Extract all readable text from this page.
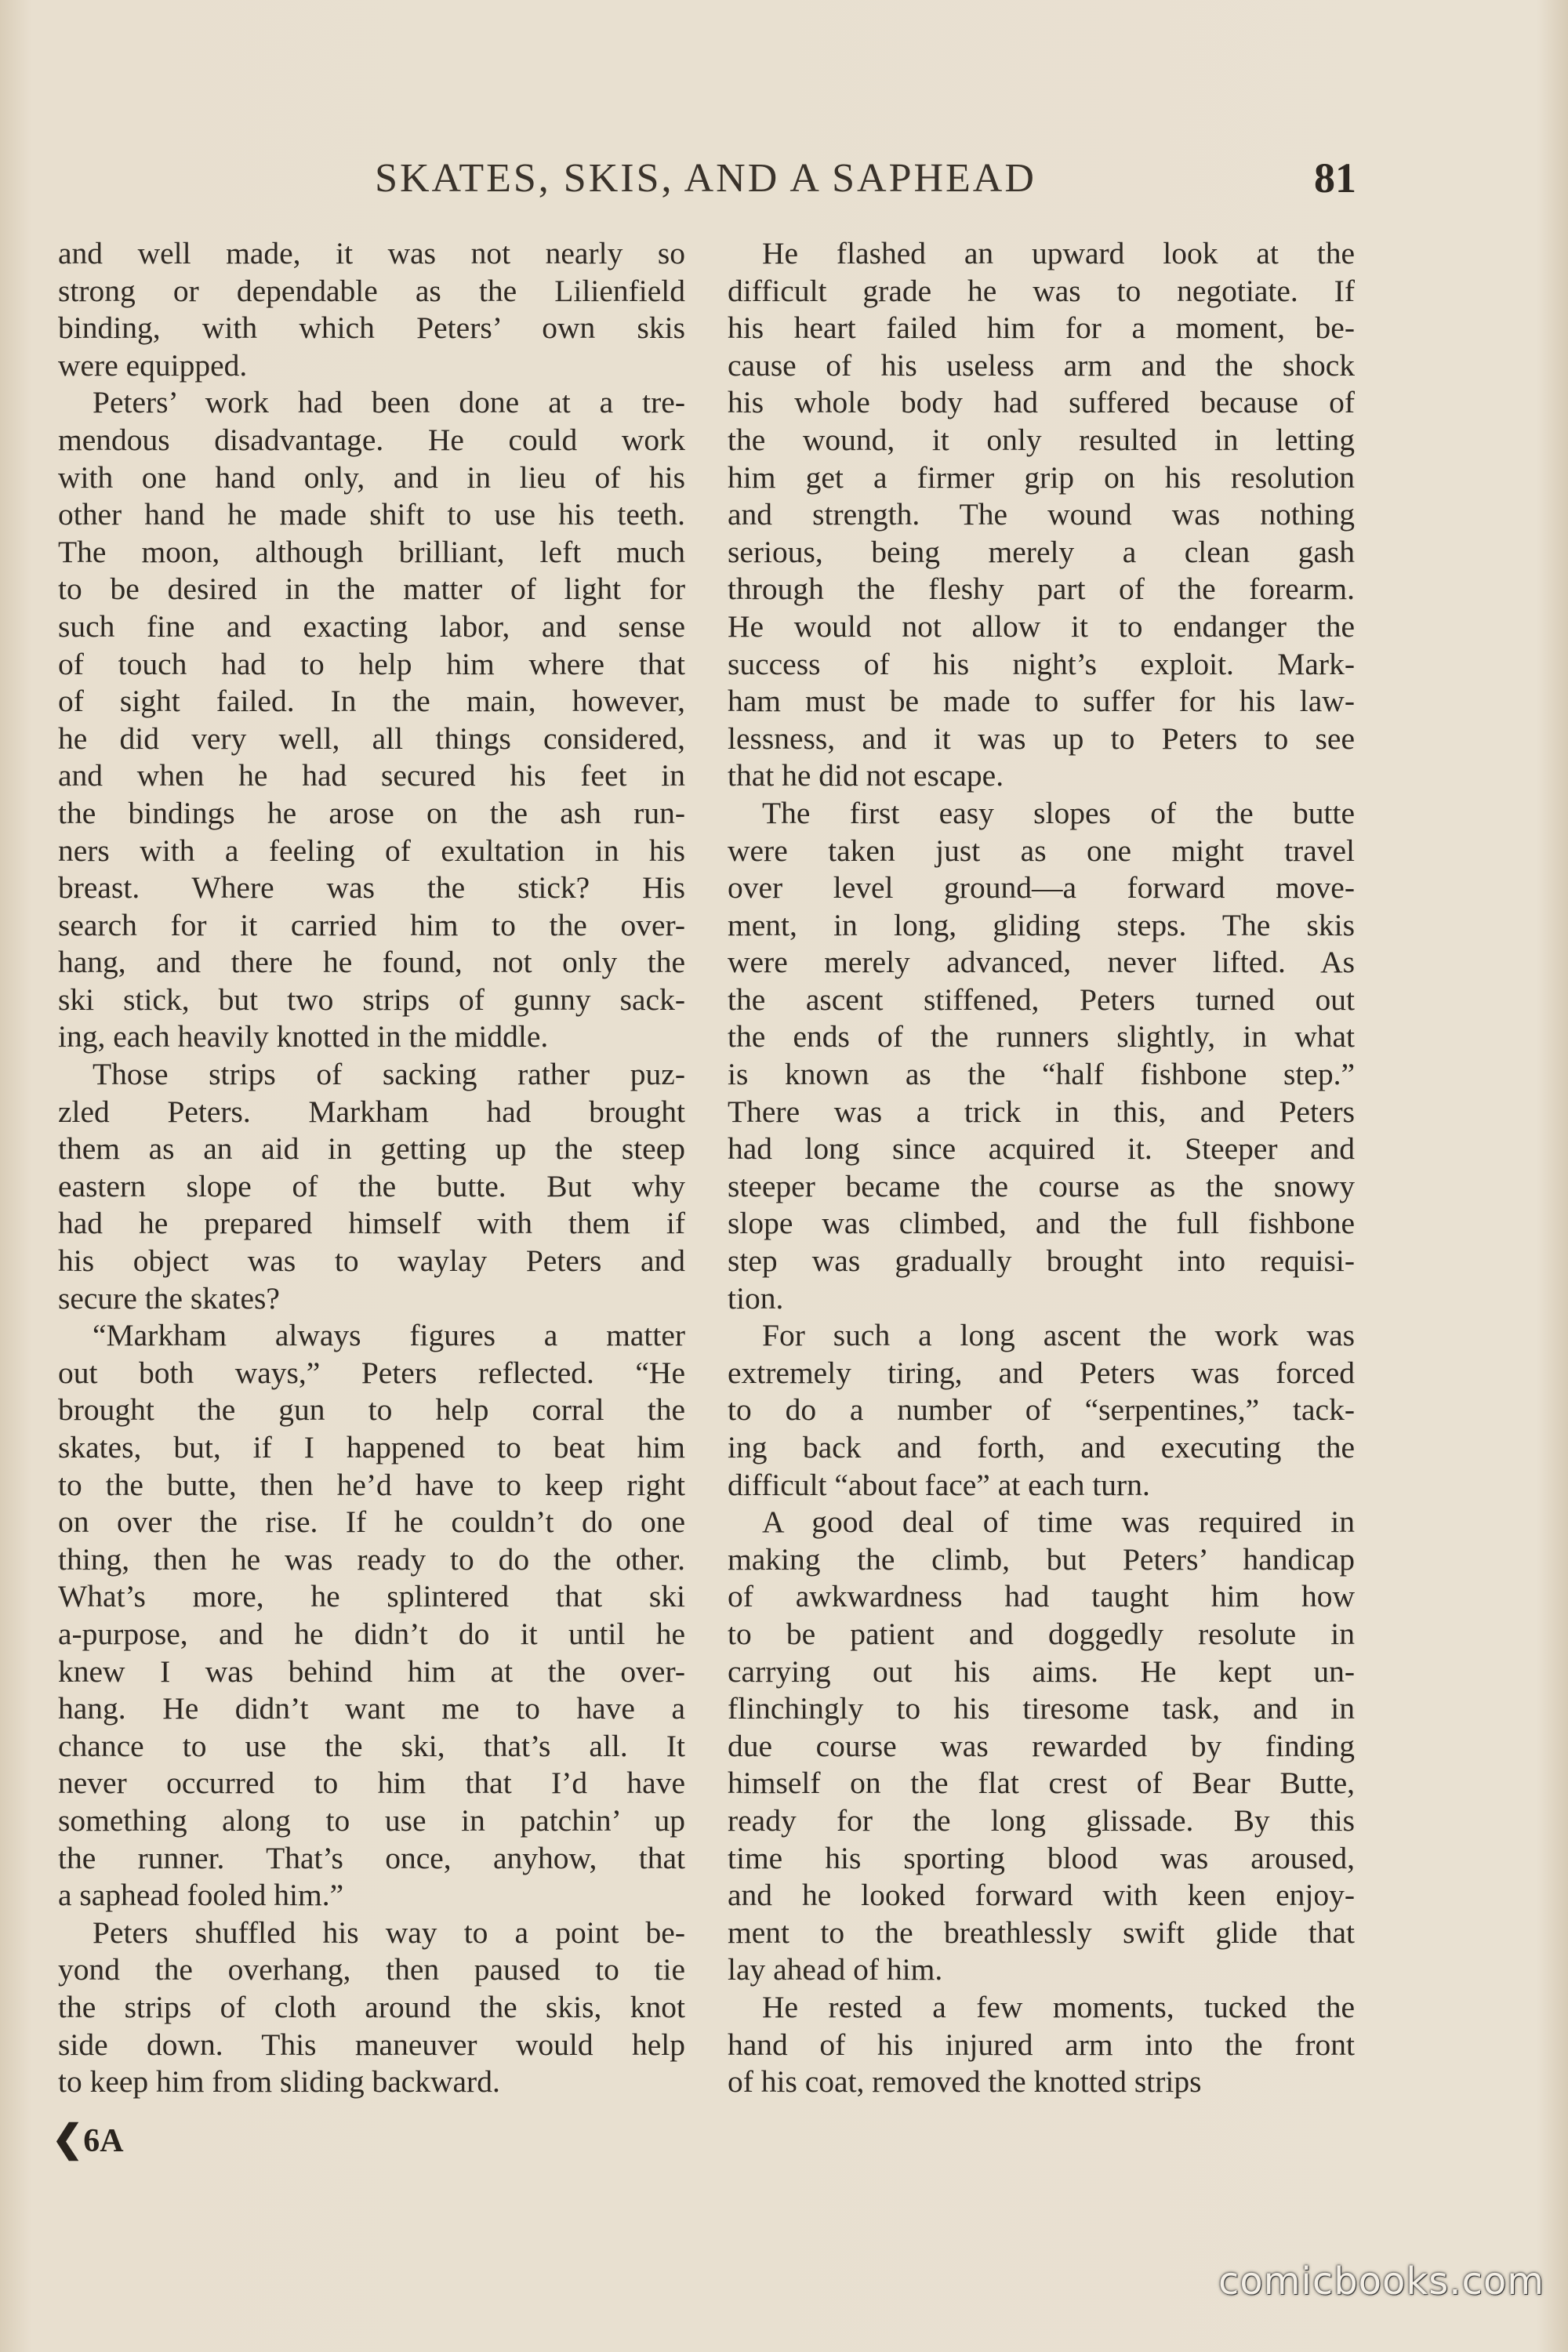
SKATES, SKIS, AND A SAPHEAD	81
and well made, it was not nearly so
strong or dependable as the Lilienfield
binding, with which Peters’ own skis
were equipped.
Peters’ work had been done at a tre-
mendous disadvantage. He could work
with one hand only, and in lieu of his
other hand he made shift to use his teeth.
The moon, although brilliant, left much
to be desired in the matter of light for
such fine and exacting labor, and sense
of touch had to help him where that
of sight failed. In the main, however,
he did very well, all things considered,
and when he had secured his feet in
the bindings he arose on the ash run-
ners with a feeling of exultation in his
breast. Where was the stick? His
search for it carried him to the over-
hang, and there he found, not only the
ski stick, but two strips of gunny sack-
ing, each heavily knotted in the middle.
Those strips of sacking rather puz-
zled Peters. Markham had brought
them as an aid in getting up the steep
eastern slope of the butte. But why
had he prepared himself with them if
his object was to waylay Peters and
secure the skates?
“Markham always figures a matter
out both ways,” Peters reflected. “He
brought the gun to help corral the
skates, but, if I happened to beat him
to the butte, then he’d have to keep right
on over the rise. If he couldn’t do one
thing, then he was ready to do the other.
What’s more, he splintered that ski
a-purpose, and he didn’t do it until he
knew I was behind him at the over-
hang. He didn’t want me to have a
chance to use the ski, that’s all. It
never occurred to him that I’d have
something along to use in patchin’ up
the runner. That’s once, anyhow, that
a saphead fooled him.”
Peters shuffled his way to a point be-
yond the overhang, then paused to tie
the strips of cloth around the skis, knot
side down. This maneuver would help
to keep him from sliding backward.
He flashed an upward look at the
difficult grade he was to negotiate. If
his heart failed him for a moment, be-
cause of his useless arm and the shock
his whole body had suffered because of
the wound, it only resulted in letting
him get a firmer grip on his resolution
and strength. The wound was nothing
serious, being merely a clean gash
through the fleshy part of the forearm.
He would not allow it to endanger the
success of his night’s exploit. Mark-
ham must be made to suffer for his law-
lessness, and it was up to Peters to see
that he did not escape.
The first easy slopes of the butte
were taken just as one might travel
over level ground—a forward move-
ment, in long, gliding steps. The skis
were merely advanced, never lifted. As
the ascent stiffened, Peters turned out
the ends of the runners slightly, in what
is known as the “half fishbone step.”
There was a trick in this, and Peters
had long since acquired it. Steeper and
steeper became the course as the snowy
slope was climbed, and the full fishbone
step was gradually brought into requisi-
tion.
For such a long ascent the work was
extremely tiring, and Peters was forced
to do a number of “serpentines,” tack-
ing back and forth, and executing the
difficult “about face” at each turn.
A good deal of time was required in
making the climb, but Peters’ handicap
of awkwardness had taught him how
to be patient and doggedly resolute in
carrying out his aims. He kept un-
flinchingly to his tiresome task, and in
due course was rewarded by finding
himself on the flat crest of Bear Butte,
ready for the long glissade. By this
time his sporting blood was aroused,
and he looked forward with keen enjoy-
ment to the breathlessly swift glide that
lay ahead of him.
He rested a few moments, tucked the
hand of his injured arm into the front
of his coat, removed the knotted strips
❮6A
comicbooks.com
